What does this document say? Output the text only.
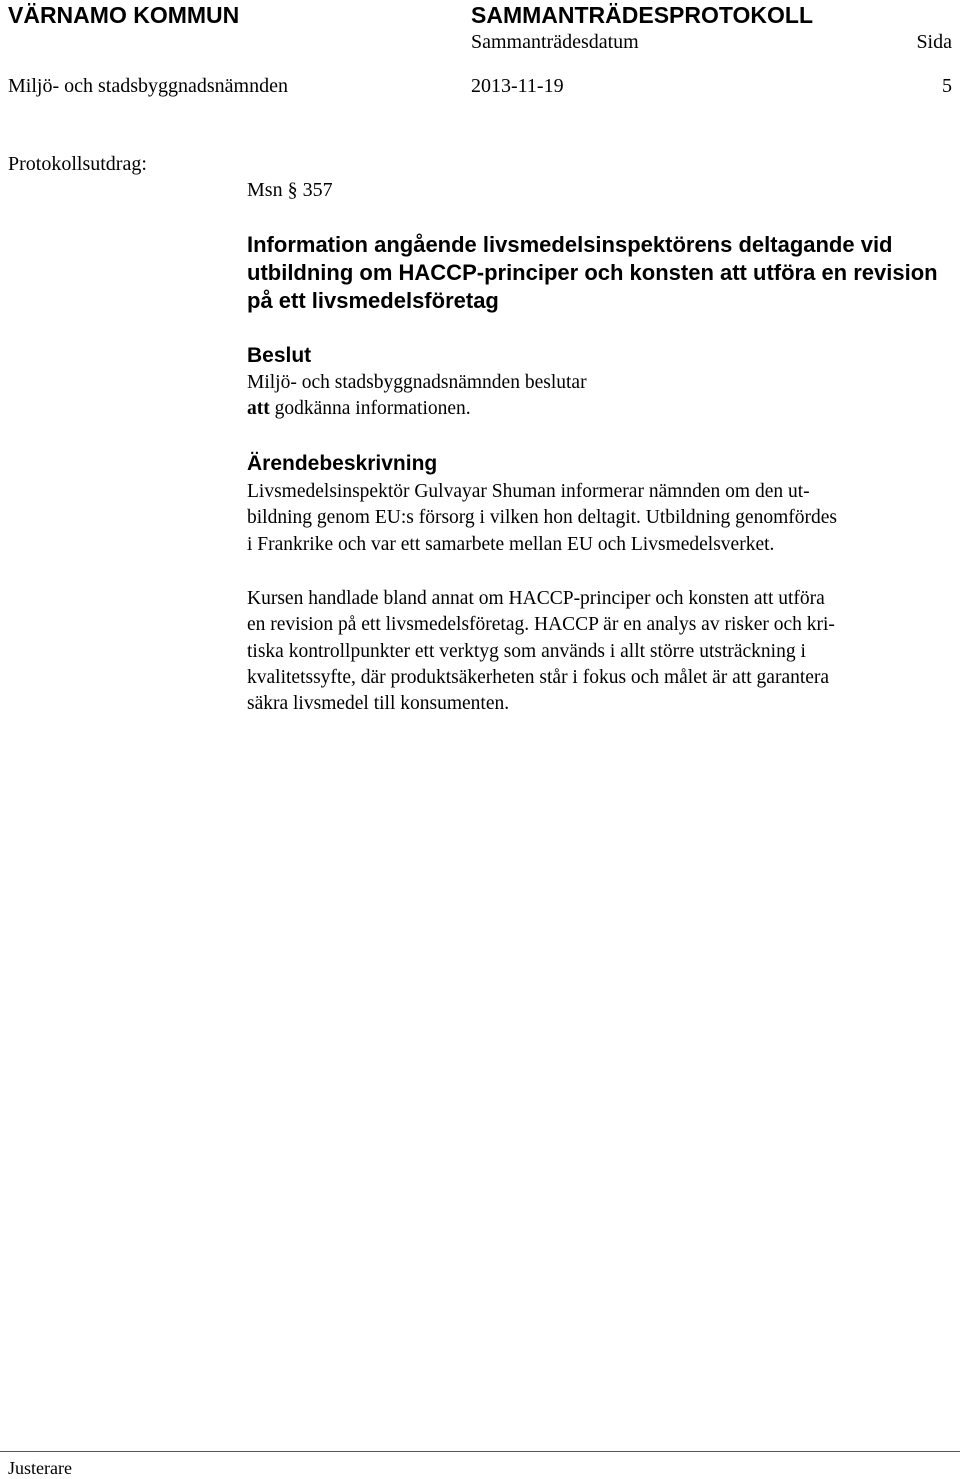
VÄRNAMO KOMMUN	SAMMANTRÄDESPROTOKOLL
Sammanträdesdatum	Sida
Miljö- och stadsbyggnadsnämnden	2013-11-19	5
Protokollsutdrag:
Msn § 357
Information angående livsmedelsinspektörens deltagande vid utbildning om HACCP-principer och konsten att utföra en revision på ett livsmedelsföretag
Beslut
Miljö- och stadsbyggnadsnämnden beslutar
att godkänna informationen.
Ärendebeskrivning
Livsmedelsinspektör Gulvayar Shuman informerar nämnden om den ut-
bildning genom EU:s försorg i vilken hon deltagit. Utbildning genomfördes
i Frankrike och var ett samarbete mellan EU och Livsmedelsverket.
Kursen handlade bland annat om HACCP-principer och konsten att utföra
en revision på ett livsmedelsföretag. HACCP är en analys av risker och kri-
tiska kontrollpunkter ett verktyg som används i allt större utsträckning i
kvalitetssyfte, där produktsäkerheten står i fokus och målet är att garantera
säkra livsmedel till konsumenten.
Justerare
